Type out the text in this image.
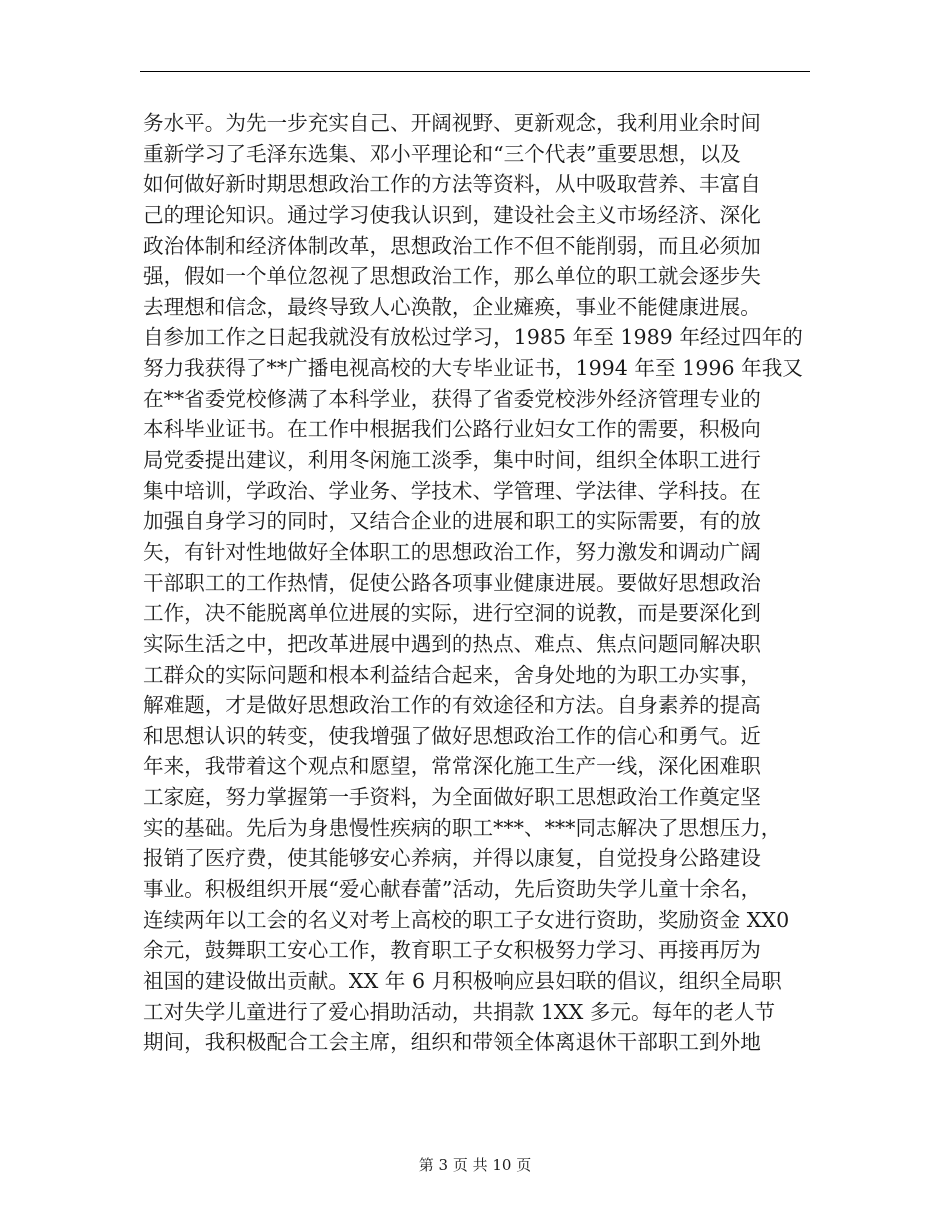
务水平。为先一步充实自己、开阔视野、更新观念，我利用业余时间
重新学习了毛泽东选集、邓小平理论和“三个代表”重要思想，以及
如何做好新时期思想政治工作的方法等资料，从中吸取营养、丰富自
己的理论知识。通过学习使我认识到，建设社会主义市场经济、深化
政治体制和经济体制改革，思想政治工作不但不能削弱，而且必须加
强，假如一个单位忽视了思想政治工作，那么单位的职工就会逐步失
去理想和信念，最终导致人心涣散，企业瘫痪，事业不能健康进展。
自参加工作之日起我就没有放松过学习，1985 年至 1989 年经过四年的
努力我获得了**广播电视高校的大专毕业证书，1994 年至 1996 年我又
在**省委党校修满了本科学业，获得了省委党校涉外经济管理专业的
本科毕业证书。在工作中根据我们公路行业妇女工作的需要，积极向
局党委提出建议，利用冬闲施工淡季，集中时间，组织全体职工进行
集中培训，学政治、学业务、学技术、学管理、学法律、学科技。在
加强自身学习的同时，又结合企业的进展和职工的实际需要，有的放
矢，有针对性地做好全体职工的思想政治工作，努力激发和调动广阔
干部职工的工作热情，促使公路各项事业健康进展。要做好思想政治
工作，决不能脱离单位进展的实际，进行空洞的说教，而是要深化到
实际生活之中，把改革进展中遇到的热点、难点、焦点问题同解决职
工群众的实际问题和根本利益结合起来，舍身处地的为职工办实事，
解难题，才是做好思想政治工作的有效途径和方法。自身素养的提高
和思想认识的转变，使我增强了做好思想政治工作的信心和勇气。近
年来，我带着这个观点和愿望，常常深化施工生产一线，深化困难职
工家庭，努力掌握第一手资料，为全面做好职工思想政治工作奠定坚
实的基础。先后为身患慢性疾病的职工***、***同志解决了思想压力，
报销了医疗费，使其能够安心养病，并得以康复，自觉投身公路建设
事业。积极组织开展“爱心献春蕾”活动，先后资助失学儿童十余名，
连续两年以工会的名义对考上高校的职工子女进行资助，奖励资金 XX0
余元，鼓舞职工安心工作，教育职工子女积极努力学习、再接再厉为
祖国的建设做出贡献。XX 年 6 月积极响应县妇联的倡议，组织全局职
工对失学儿童进行了爱心捐助活动，共捐款 1XX 多元。每年的老人节
期间，我积极配合工会主席，组织和带领全体离退休干部职工到外地
第 3 页 共 10 页
